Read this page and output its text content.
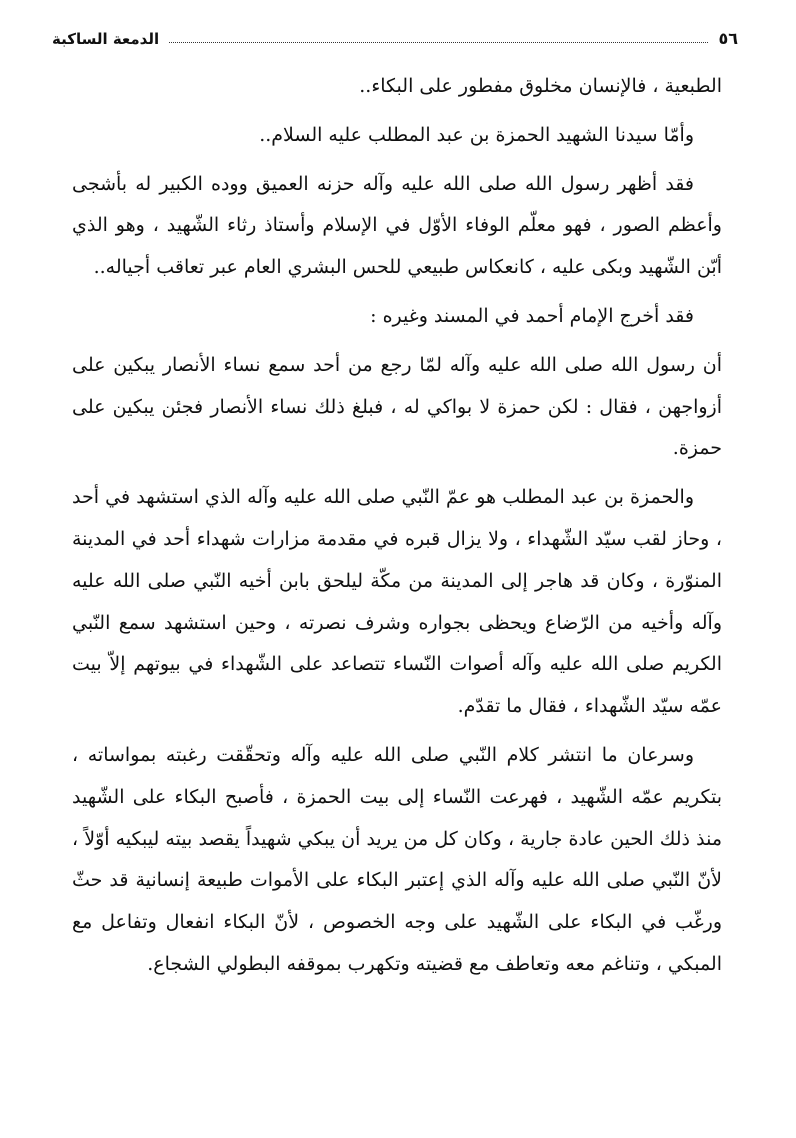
٥٦
الدمعة الساكبة

الطبعية ، فالإنسان مخلوق مفطور على البكاء..

وأمّا سيدنا الشهيد الحمزة بن عبد المطلب عليه السلام..

فقد أظهر رسول الله صلى الله عليه وآله حزنه العميق ووده الكبير له بأشجى وأعظم الصور ، فهو معلّم الوفاء الأوّل في الإسلام وأستاذ رثاء الشّهيد ، وهو الذي أبّن الشّهيد وبكى عليه ، كانعكاس طبيعي للحس البشري العام عبر تعاقب أجياله..

فقد أخرج الإمام أحمد في المسند وغيره :

أن رسول الله صلى الله عليه وآله لمّا رجع من أحد سمع نساء الأنصار يبكين على أزواجهن ، فقال : لكن حمزة لا بواكي له ، فبلغ ذلك نساء الأنصار فجئن يبكين على حمزة.

والحمزة بن عبد المطلب هو عمّ النّبي صلى الله عليه وآله الذي استشهد في أحد ، وحاز لقب سيّد الشّهداء ، ولا يزال قبره في مقدمة مزارات شهداء أحد في المدينة المنوّرة ، وكان قد هاجر إلى المدينة من مكّة ليلحق بابن أخيه النّبي صلى الله عليه وآله وأخيه من الرّضاع ويحظى بجواره وشرف نصرته ، وحين استشهد سمع النّبي الكريم صلى الله عليه وآله أصوات النّساء تتصاعد على الشّهداء في بيوتهم إلاّ بيت عمّه سيّد الشّهداء ، فقال ما تقدّم.

وسرعان ما انتشر كلام النّبي صلى الله عليه وآله وتحقّقت رغبته بمواساته ، بتكريم عمّه الشّهيد ، فهرعت النّساء إلى بيت الحمزة ، فأصبح البكاء على الشّهيد منذ ذلك الحين عادة جارية ، وكان كل من يريد أن يبكي شهيداً يقصد بيته ليبكيه أوّلاً ، لأنّ النّبي صلى الله عليه وآله الذي إعتبر البكاء على الأموات طبيعة إنسانية قد حثّ ورغّب في البكاء على الشّهيد على وجه الخصوص ، لأنّ البكاء انفعال وتفاعل مع المبكي ، وتناغم معه وتعاطف مع قضيته وتكهرب بموقفه البطولي الشجاع.
